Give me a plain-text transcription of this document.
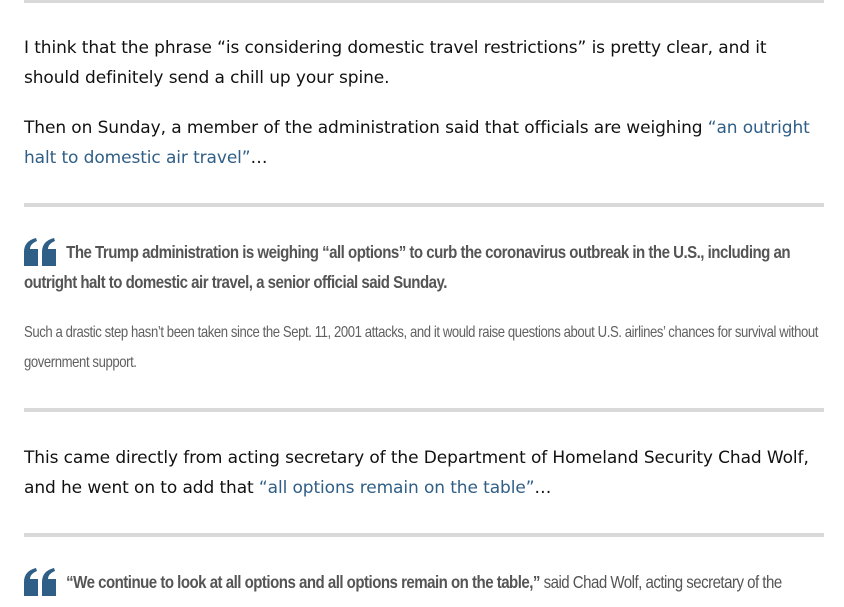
I think that the phrase “is considering domestic travel restrictions” is pretty clear, and it should definitely send a chill up your spine.

Then on Sunday, a member of the administration said that officials are weighing “an outright halt to domestic air travel”…

The Trump administration is weighing “all options” to curb the coronavirus outbreak in the U.S., including an outright halt to domestic air travel, a senior official said Sunday.

Such a drastic step hasn’t been taken since the Sept. 11, 2001 attacks, and it would raise questions about U.S. airlines’ chances for survival without government support.

This came directly from acting secretary of the Department of Homeland Security Chad Wolf, and he went on to add that “all options remain on the table”…

“We continue to look at all options and all options remain on the table,” said Chad Wolf, acting secretary of the
